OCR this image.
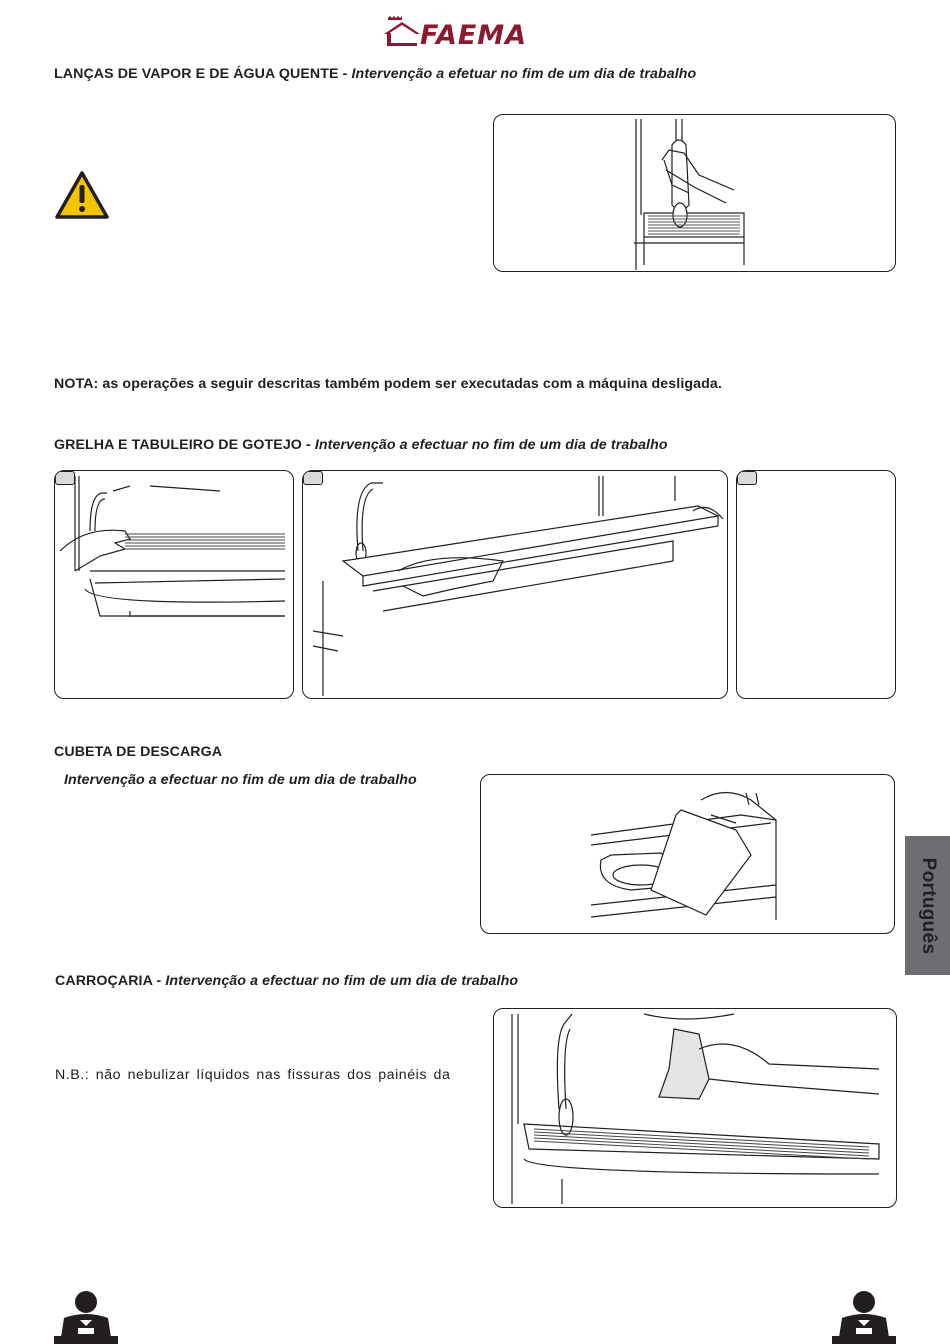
FAEMA
LANÇAS DE VAPOR E DE ÁGUA QUENTE - Intervenção a efetuar no fim de um dia de trabalho
NOTA: as operações a seguir descritas também podem ser executadas com a máquina desligada.
GRELHA E TABULEIRO DE GOTEJO - Intervenção a efectuar no fim de um dia de trabalho
CUBETA DE DESCARGA
Intervenção a efectuar no fim de um dia de trabalho
Português
CARROÇARIA - Intervenção a efectuar no fim de um dia de trabalho
N.B.: não nebulizar líquidos nas fissuras dos painéis da
